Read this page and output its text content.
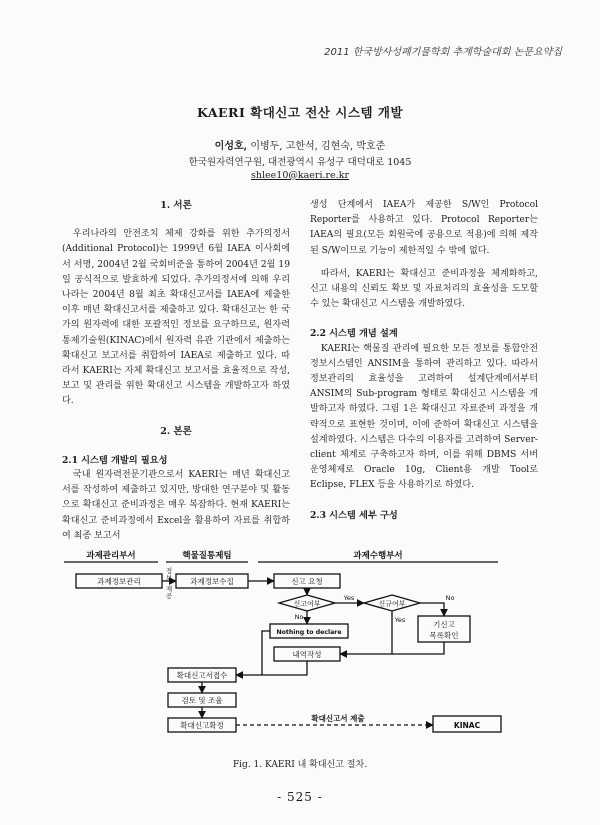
2011 한국방사성폐기물학회 추계학술대회 논문요약집
KAERI 확대신고 전산 시스템 개발
이성호, 이병두, 고한석, 김현숙, 박호준
한국원자력연구원, 대전광역시 유성구 대덕대로 1045
shlee10@kaeri.re.kr
1. 서론

우리나라의 안전조치 체제 강화를 위한 추가의정서(Additional Protocol)는 1999년 6월 IAEA 이사회에서 서명, 2004년 2월 국회비준을 통하여 2004년 2월 19일 공식적으로 발효하게 되었다. 추가의정서에 의해 우리나라는 2004년 8월 최초 확대신고서를 IAEA에 제출한 이후 매년 확대신고서를 제출하고 있다. 확대신고는 한 국가의 원자력에 대한 포괄적인 정보를 요구하므로, 원자력통제기술원(KINAC)에서 원자력 유관 기관에서 제출하는 확대신고 보고서를 취합하여 IAEA로 제출하고 있다. 따라서 KAERI는 자체 확대신고 보고서를 효율적으로 작성, 보고 및 관리를 위한 확대신고 시스템을 개발하고자 하였다.

2. 본론
2.1 시스템 개발의 필요성

국내 원자력전문기관으로서 KAERI는 매년 확대신고서를 작성하여 제출하고 있지만, 방대한 연구분야 및 활동으로 확대신고 준비과정은 매우 복잡하다. 현재 KAERI는 확대신고 준비과정에서 Excel을 활용하여 자료를 취합하여 최종 보고서

생성 단계에서 IAEA가 제공한 S/W인 Protocol Reporter를 사용하고 있다. Protocol Reporter는 IAEA의 필요(모든 회원국에 공용으로 적용)에 의해 제작된 S/W이므로 기능이 제한적일 수 밖에 없다.

따라서, KAERI는 확대신고 준비과정을 체계화하고, 신고 내용의 신뢰도 확보 및 자료처리의 효율성을 도모할 수 있는 확대신고 시스템을 개발하였다.

2.2 시스템 개념 설계

KAERI는 핵물질 관리에 필요한 모든 정보를 통합안전정보시스템인 ANSIM을 통하여 관리하고 있다. 따라서 정보관리의 효율성을 고려하여 설계단계에서부터 ANSIM의 Sub-program 형태로 확대신고 시스템을 개발하고자 하였다. 그림 1은 확대신고 자료준비 과정을 개략적으로 표현한 것이며, 이에 준하여 확대신고 시스템을 설계하였다. 시스템은 다수의 이용자를 고려하여 Server-client 체계로 구축하고자 하며, 이를 위해 DBMS 서버 운영체제로 Oracle 10g, Client용 개발 Tool로 Eclipse, FLEX 등을 사용하기로 하였다.

2.3 시스템 세부 구성
과제관리부서	핵물질통제팀	과제수행부서
과제정보관리	과제정보수집	신고 요청
신고여부	신규여부
Nothing to declare
기신고
목록확인
내역작성
확대신고서접수
검토 및 조율
확대신고확정	KINAC
정
보
제
공	Yes
No
No
Yes
확대신고서 제출
Fig. 1. KAERI 내 확대신고 절차.
- 525 -
